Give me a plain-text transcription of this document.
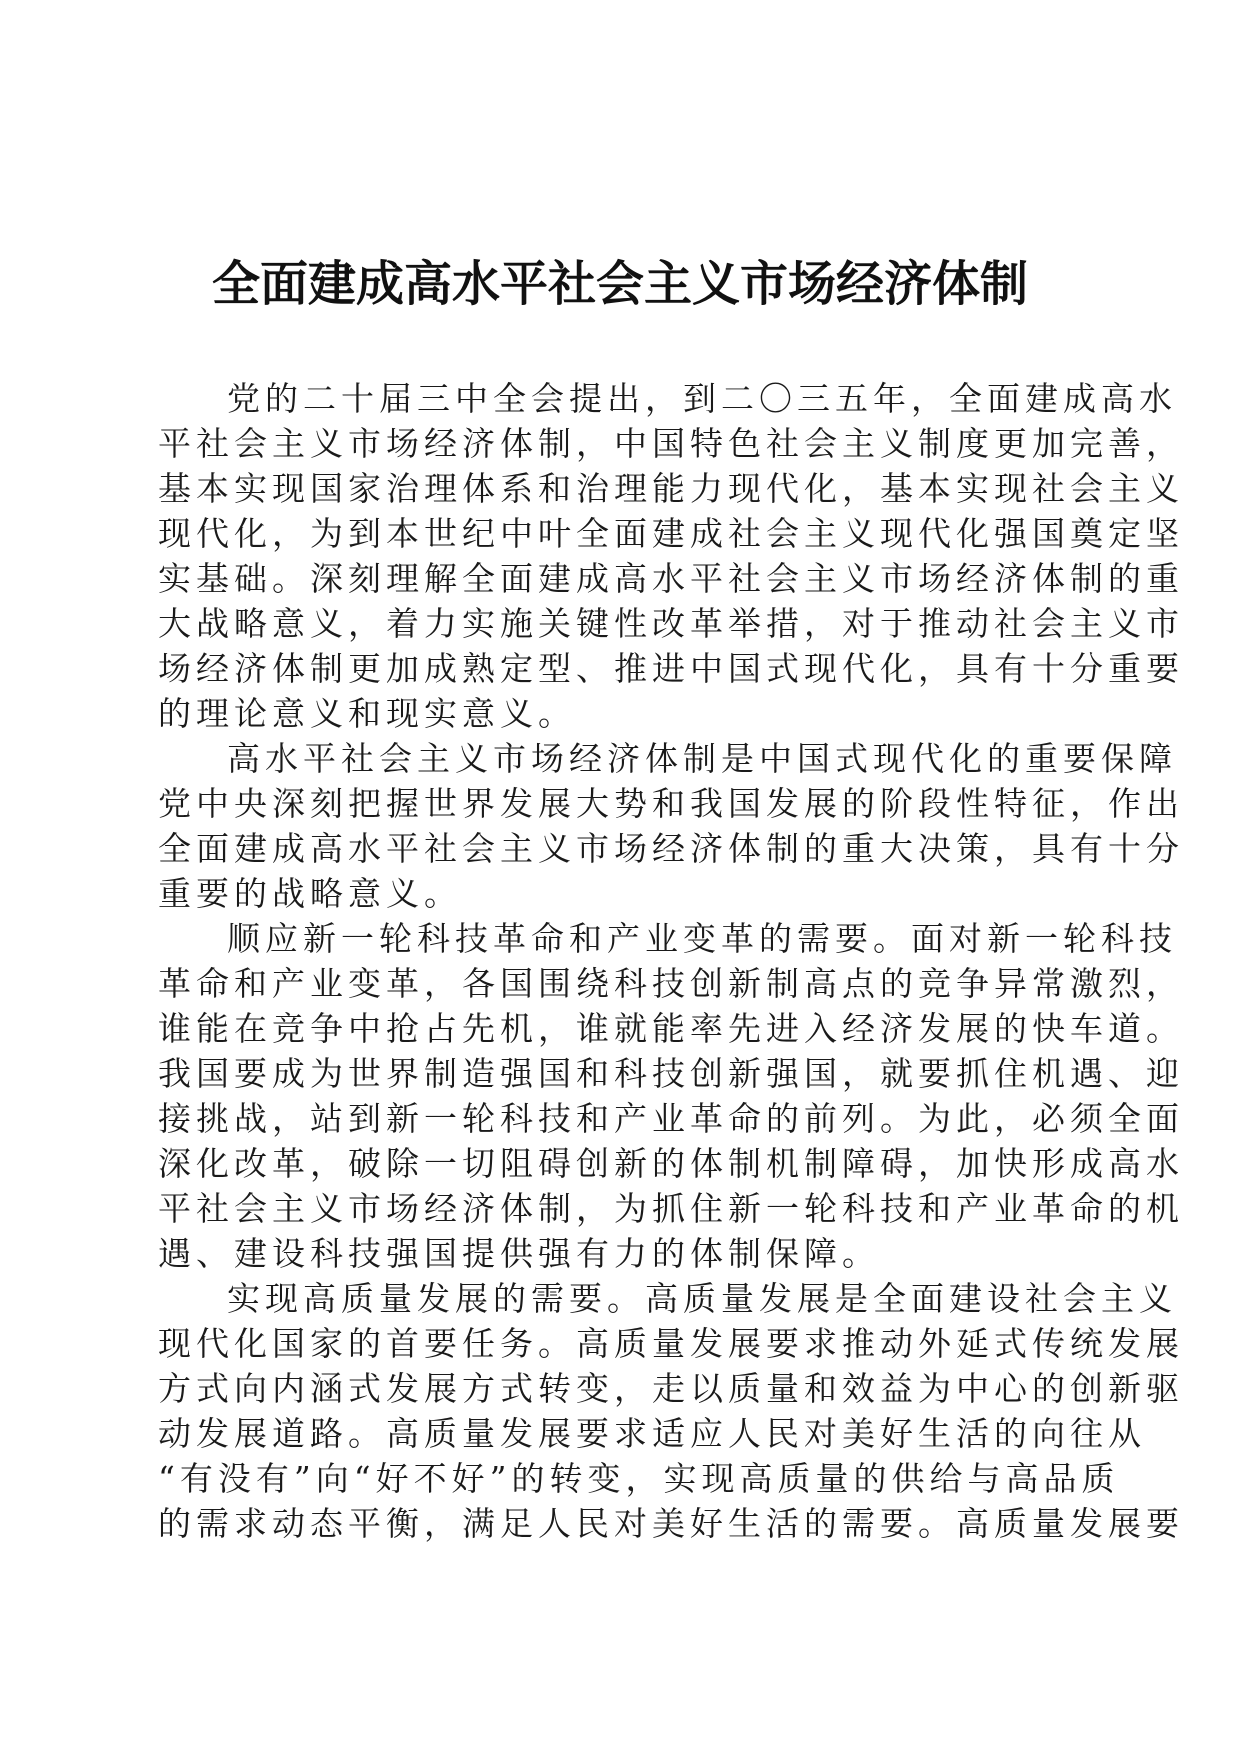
全面建成高水平社会主义市场经济体制

党的二十届三中全会提出，到二〇三五年，全面建成高水
平社会主义市场经济体制，中国特色社会主义制度更加完善，
基本实现国家治理体系和治理能力现代化，基本实现社会主义
现代化，为到本世纪中叶全面建成社会主义现代化强国奠定坚
实基础。深刻理解全面建成高水平社会主义市场经济体制的重
大战略意义，着力实施关键性改革举措，对于推动社会主义市
场经济体制更加成熟定型、推进中国式现代化，具有十分重要
的理论意义和现实意义。

高水平社会主义市场经济体制是中国式现代化的重要保障
党中央深刻把握世界发展大势和我国发展的阶段性特征，作出
全面建成高水平社会主义市场经济体制的重大决策，具有十分
重要的战略意义。

顺应新一轮科技革命和产业变革的需要。面对新一轮科技
革命和产业变革，各国围绕科技创新制高点的竞争异常激烈，
谁能在竞争中抢占先机，谁就能率先进入经济发展的快车道。
我国要成为世界制造强国和科技创新强国，就要抓住机遇、迎
接挑战，站到新一轮科技和产业革命的前列。为此，必须全面
深化改革，破除一切阻碍创新的体制机制障碍，加快形成高水
平社会主义市场经济体制，为抓住新一轮科技和产业革命的机
遇、建设科技强国提供强有力的体制保障。

实现高质量发展的需要。高质量发展是全面建设社会主义
现代化国家的首要任务。高质量发展要求推动外延式传统发展
方式向内涵式发展方式转变，走以质量和效益为中心的创新驱
动发展道路。高质量发展要求适应人民对美好生活的向往从
“有没有”向“好不好”的转变，实现高质量的供给与高品质
的需求动态平衡，满足人民对美好生活的需要。高质量发展要
